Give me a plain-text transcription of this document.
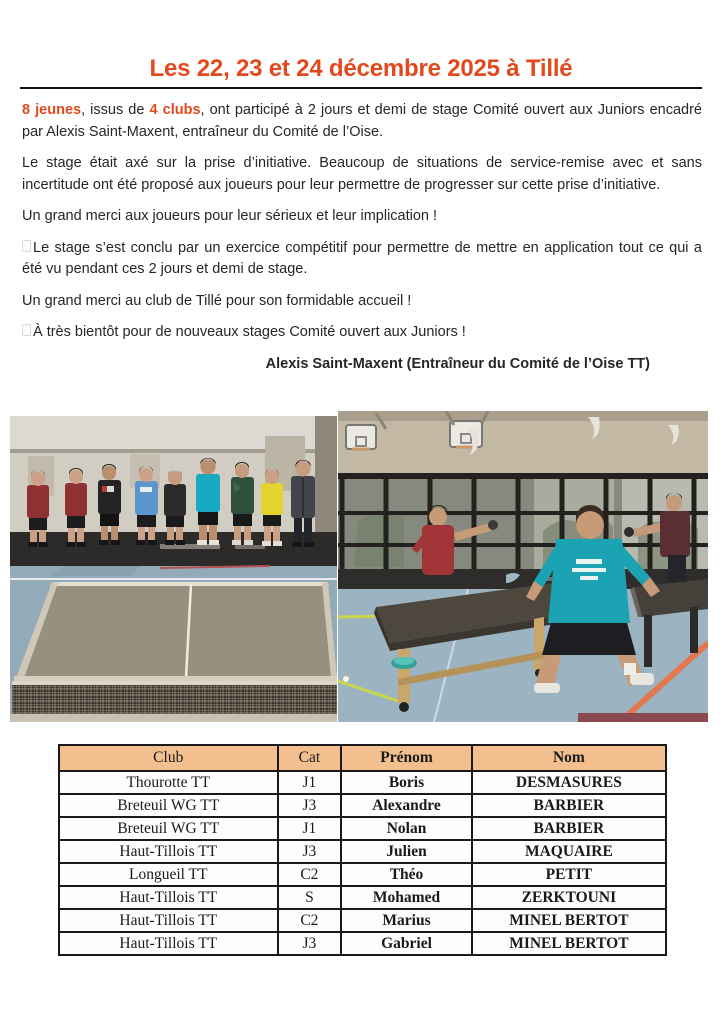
Les 22, 23 et 24 décembre 2025 à Tillé

8 jeunes, issus de 4 clubs, ont participé à 2 jours et demi de stage Comité ouvert aux Juniors encadré par Alexis Saint-Maxent, entraîneur du Comité de l’Oise.

Le stage était axé sur la prise d’initiative. Beaucoup de situations de service-remise avec et sans incertitude ont été proposé aux joueurs pour leur permettre de progresser sur cette prise d’initiative.

Un grand merci aux joueurs pour leur sérieux et leur implication !

Le stage s’est conclu par un exercice compétitif pour permettre de mettre en application tout ce qui a été vu pendant ces 2 jours et demi de stage.

Un grand merci au club de Tillé pour son formidable accueil !

À très bientôt pour de nouveaux stages Comité ouvert aux Juniors !

Alexis Saint-Maxent (Entraîneur du Comité de l’Oise TT)
Club	Cat	Prénom	Nom
Thourotte TT	J1	Boris	DESMASURES
Breteuil WG TT	J3	Alexandre	BARBIER
Breteuil WG TT	J1	Nolan	BARBIER
Haut-Tillois TT	J3	Julien	MAQUAIRE
Longueil TT	C2	Théo	PETIT
Haut-Tillois TT	S	Mohamed	ZERKTOUNI
Haut-Tillois TT	C2	Marius	MINEL BERTOT
Haut-Tillois TT	J3	Gabriel	MINEL BERTOT
